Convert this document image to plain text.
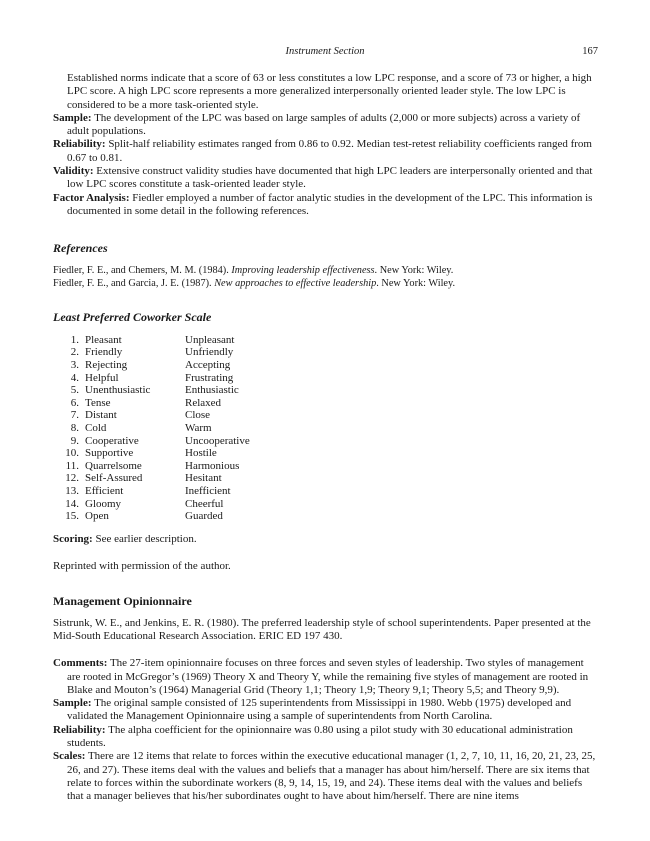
Instrument Section	167

Established norms indicate that a score of 63 or less constitutes a low LPC response, and a score of 73 or higher, a high LPC score. A high LPC score represents a more generalized interpersonally oriented leader style. The low LPC is considered to be a more task-oriented style.

Sample: The development of the LPC was based on large samples of adults (2,000 or more subjects) across a variety of adult populations.

Reliability: Split-half reliability estimates ranged from 0.86 to 0.92. Median test-retest reliability coefficients ranged from 0.67 to 0.81.

Validity: Extensive construct validity studies have documented that high LPC leaders are interpersonally oriented and that low LPC scores constitute a task-oriented leader style.

Factor Analysis: Fiedler employed a number of factor analytic studies in the development of the LPC. This information is documented in some detail in the following references.

References

Fiedler, F. E., and Chemers, M. M. (1984). Improving leadership effectiveness. New York: Wiley.

Fiedler, F. E., and Garcia, J. E. (1987). New approaches to effective leadership. New York: Wiley.

Least Preferred Coworker Scale
1. Pleasant	Unpleasant
2. Friendly	Unfriendly
3. Rejecting	Accepting
4. Helpful	Frustrating
5. Unenthusiastic	Enthusiastic
6. Tense	Relaxed
7. Distant	Close
8. Cold	Warm
9. Cooperative	Uncooperative
10. Supportive	Hostile
11. Quarrelsome	Harmonious
12. Self-Assured	Hesitant
13. Efficient	Inefficient
14. Gloomy	Cheerful
15. Open	Guarded

Scoring: See earlier description.

Reprinted with permission of the author.

Management Opinionnaire

Sistrunk, W. E., and Jenkins, E. R. (1980). The preferred leadership style of school superintendents. Paper presented at the Mid-South Educational Research Association. ERIC ED 197 430.

Comments: The 27-item opinionnaire focuses on three forces and seven styles of leadership. Two styles of management are rooted in McGregor’s (1969) Theory X and Theory Y, while the remaining five styles of management are rooted in Blake and Mouton’s (1964) Managerial Grid (Theory 1,1; Theory 1,9; Theory 9,1; Theory 5,5; and Theory 9,9).

Sample: The original sample consisted of 125 superintendents from Mississippi in 1980. Webb (1975) developed and validated the Management Opinionnaire using a sample of superintendents from North Carolina.

Reliability: The alpha coefficient for the opinionnaire was 0.80 using a pilot study with 30 educational administration students.

Scales: There are 12 items that relate to forces within the executive educational manager (1, 2, 7, 10, 11, 16, 20, 21, 23, 25, 26, and 27). These items deal with the values and beliefs that a manager has about him/herself. There are six items that relate to forces within the subordinate workers (8, 9, 14, 15, 19, and 24). These items deal with the values and beliefs that a manager believes that his/her subordinates ought to have about him/herself. There are nine items
